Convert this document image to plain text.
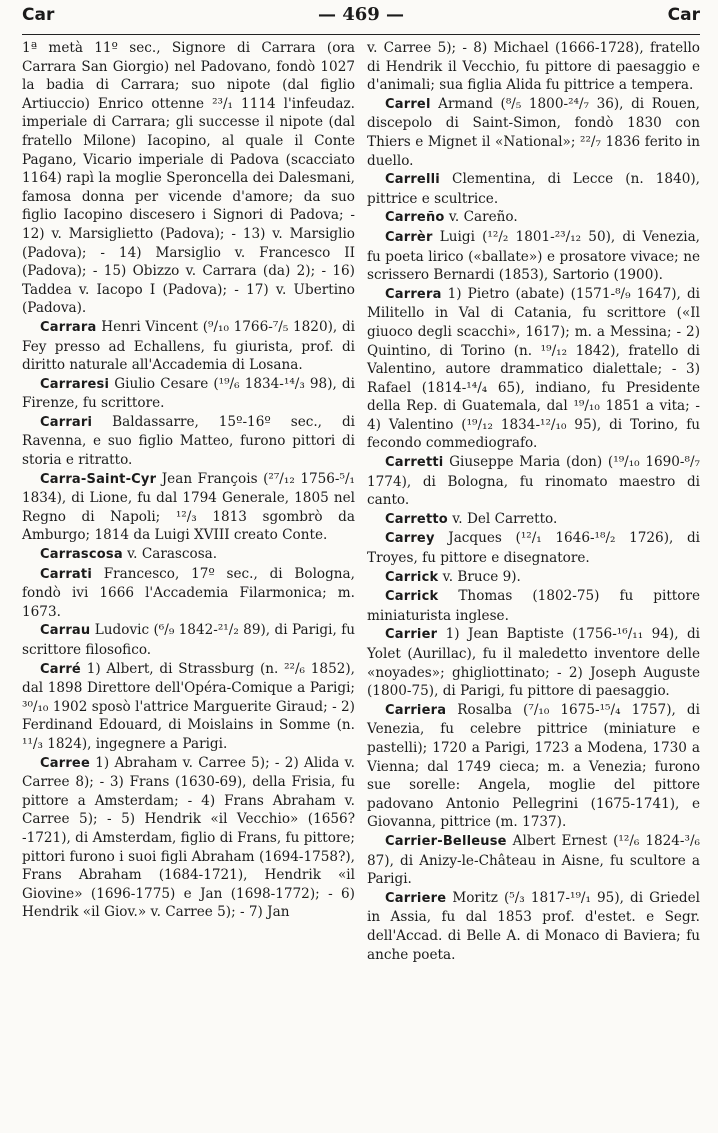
Car	— 469 —	Car

1ª metà 11º sec., Signore di Carrara (ora Carrara San Giorgio) nel Padovano, fondò 1027 la badia di Carrara; suo nipote (dal figlio Artiuccio) Enrico ottenne ²³/₁ 1114 l'infeudaz. imperiale di Carrara; gli successe il nipote (dal fratello Milone) Iacopino, al quale il Conte Pagano, Vicario imperiale di Padova (scacciato 1164) rapì la moglie Speroncella dei Dalesmani, famosa donna per vicende d'amore; da suo figlio Iacopino discesero i Signori di Padova; - 12) v. Marsiglietto (Padova); - 13) v. Marsiglio (Padova); - 14) Marsiglio v. Francesco II (Padova); - 15) Obizzo v. Carrara (da) 2); - 16) Taddea v. Iacopo I (Padova); - 17) v. Ubertino (Padova).

Carrara Henri Vincent (⁹/₁₀ 1766-⁷/₅ 1820), di Fey presso ad Echallens, fu giurista, prof. di diritto naturale all'Accademia di Losana.

Carraresi Giulio Cesare (¹⁹/₆ 1834-¹⁴/₃ 98), di Firenze, fu scrittore.

Carrari Baldassarre, 15º-16º sec., di Ravenna, e suo figlio Matteo, furono pittori di storia e ritratto.

Carra-Saint-Cyr Jean François (²⁷/₁₂ 1756-⁵/₁ 1834), di Lione, fu dal 1794 Generale, 1805 nel Regno di Napoli; ¹²/₃ 1813 sgombrò da Amburgo; 1814 da Luigi XVIII creato Conte.

Carrascosa v. Carascosa.

Carrati Francesco, 17º sec., di Bologna, fondò ivi 1666 l'Accademia Filarmonica; m. 1673.

Carrau Ludovic (⁶/₉ 1842-²¹/₂ 89), di Parigi, fu scrittore filosofico.

Carré 1) Albert, di Strassburg (n. ²²/₆ 1852), dal 1898 Direttore dell'Opéra-Comique a Parigi; ³⁰/₁₀ 1902 sposò l'attrice Marguerite Giraud; - 2) Ferdinand Edouard, di Moislains in Somme (n. ¹¹/₃ 1824), ingegnere a Parigi.

Carree 1) Abraham v. Carree 5); - 2) Alida v. Carree 8); - 3) Frans (1630-69), della Frisia, fu pittore a Amsterdam; - 4) Frans Abraham v. Carree 5); - 5) Hendrik «il Vecchio» (1656?-1721), di Amsterdam, figlio di Frans, fu pittore; pittori furono i suoi figli Abraham (1694-1758?), Frans Abraham (1684-1721), Hendrik «il Giovine» (1696-1775) e Jan (1698-1772); - 6) Hendrik «il Giov.» v. Carree 5); - 7) Jan

v. Carree 5); - 8) Michael (1666-1728), fratello di Hendrik il Vecchio, fu pittore di paesaggio e d'animali; sua figlia Alida fu pittrice a tempera.

Carrel Armand (⁸/₅ 1800-²⁴/₇ 36), di Rouen, discepolo di Saint-Simon, fondò 1830 con Thiers e Mignet il «National»; ²²/₇ 1836 ferito in duello.

Carrelli Clementina, di Lecce (n. 1840), pittrice e scultrice.

Carreño v. Careño.

Carrèr Luigi (¹²/₂ 1801-²³/₁₂ 50), di Venezia, fu poeta lirico («ballate») e prosatore vivace; ne scrissero Bernardi (1853), Sartorio (1900).

Carrera 1) Pietro (abate) (1571-⁸/₉ 1647), di Militello in Val di Catania, fu scrittore («Il giuoco degli scacchi», 1617); m. a Messina; - 2) Quintino, di Torino (n. ¹⁹/₁₂ 1842), fratello di Valentino, autore drammatico dialettale; - 3) Rafael (1814-¹⁴/₄ 65), indiano, fu Presidente della Rep. di Guatemala, dal ¹⁹/₁₀ 1851 a vita; - 4) Valentino (¹⁹/₁₂ 1834-¹²/₁₀ 95), di Torino, fu fecondo commediografo.

Carretti Giuseppe Maria (don) (¹⁹/₁₀ 1690-⁸/₇ 1774), di Bologna, fu rinomato maestro di canto.

Carretto v. Del Carretto.

Carrey Jacques (¹²/₁ 1646-¹⁸/₂ 1726), di Troyes, fu pittore e disegnatore.

Carrick v. Bruce 9).

Carrick Thomas (1802-75) fu pittore miniaturista inglese.

Carrier 1) Jean Baptiste (1756-¹⁶/₁₁ 94), di Yolet (Aurillac), fu il maledetto inventore delle «noyades»; ghigliottinato; - 2) Joseph Auguste (1800-75), di Parigi, fu pittore di paesaggio.

Carriera Rosalba (⁷/₁₀ 1675-¹⁵/₄ 1757), di Venezia, fu celebre pittrice (miniature e pastelli); 1720 a Parigi, 1723 a Modena, 1730 a Vienna; dal 1749 cieca; m. a Venezia; furono sue sorelle: Angela, moglie del pittore padovano Antonio Pellegrini (1675-1741), e Giovanna, pittrice (m. 1737).

Carrier-Belleuse Albert Ernest (¹²/₆ 1824-³/₆ 87), di Anizy-le-Château in Aisne, fu scultore a Parigi.

Carriere Moritz (⁵/₃ 1817-¹⁹/₁ 95), di Griedel in Assia, fu dal 1853 prof. d'estet. e Segr. dell'Accad. di Belle A. di Monaco di Baviera; fu anche poeta.
